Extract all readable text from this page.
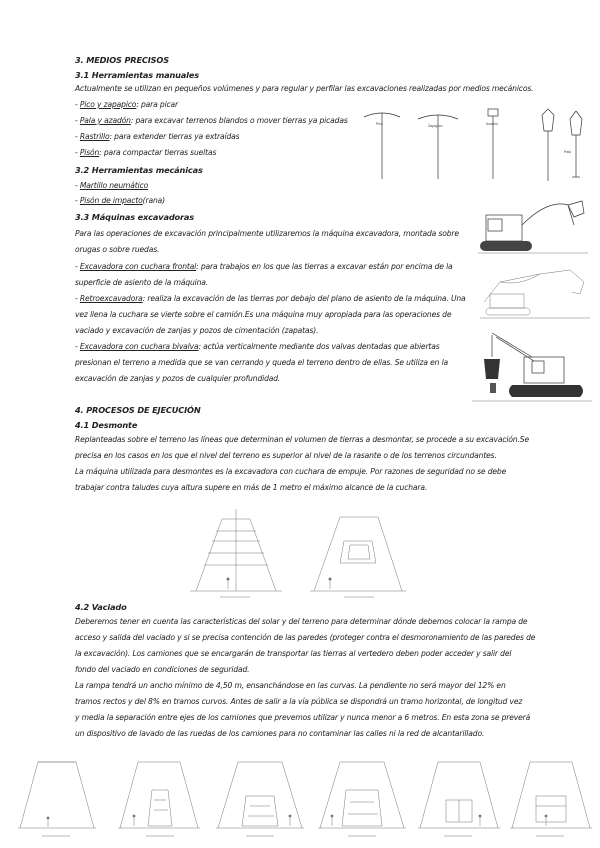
3. MEDIOS PRECISOS
3.1 Herramientas manuales
Actualmente se utilizan en pequeños volúmenes y para regular y perfilar las excavaciones realizadas por medios mecánicos.
- Pico y zapapico: para picar
- Pala y azadón: para excavar terrenos blandos o mover tierras ya picadas
- Rastrillo: para extender tierras ya extraídas
- Pisón: para compactar tierras sueltas
3.2 Herramientas mecánicas
- Martillo neumático
- Pisón de impacto(rana)
3.3 Máquinas excavadoras
Para las operaciones de excavación principalmente utilizaremos la máquina excavadora, montada sobre
orugas o sobre ruedas.
- Excavadora con cuchara frontal: para trabajos en los que las tierras a excavar están por encima de la
superficie de asiento de la máquina.
- Retroexcavadora: realiza la excavación de las tierras por debajo del plano de asiento de la máquina. Una
vez llena la cuchara se vierte sobre el camión.Es una máquina muy apropiada para las operaciones de
vaciado y excavación de zanjas y pozos de cimentación (zapatas).
- Excavadora con cuchara bivalva: actúa verticalmente mediante dos valvas dentadas que abiertas
presionan el terreno a medida que se van cerrando y queda el terreno dentro de ellas. Se utiliza en la
excavación de zanjas y pozos de cualquier profundidad.
Pico	Zapapico	Azadón
Pala
4. PROCESOS DE EJECUCIÓN
4.1 Desmonte
Replanteadas sobre el terreno las líneas que determinan el volumen de tierras a desmontar, se procede a su excavación.Se
precisa en los casos en los que el nivel del terreno es superior al nivel de la rasante o de los terrenos circundantes.
La máquina utilizada para desmontes es la excavadora con cuchara de empuje. Por razones de seguridad no se debe
trabajar contra taludes cuya altura supere en más de 1 metro el máximo alcance de la cuchara.
4.2 Vaciado
Deberemos tener en cuenta las características del solar y del terreno para determinar dónde debemos colocar la rampa de
acceso y salida del vaciado y si se precisa contención de las paredes (proteger contra el desmoronamiento de las paredes de
la excavación). Los camiones que se encargarán de transportar las tierras al vertedero deben poder acceder y salir del
fondo del vaciado en condiciones de seguridad.
La rampa tendrá un ancho mínimo de 4,50 m, ensanchándose en las curvas. La pendiente no será mayor del 12% en
tramos rectos y del 8% en tramos curvos. Antes de salir a la vía pública se dispondrá un tramo horizontal, de longitud vez
y media la separación entre ejes de los camiones que prevemos utilizar y nunca menor a 6 metros. En esta zona se preverá
un dispositivo de lavado de las ruedas de los camiones para no contaminar las calles ni la red de alcantarillado.
